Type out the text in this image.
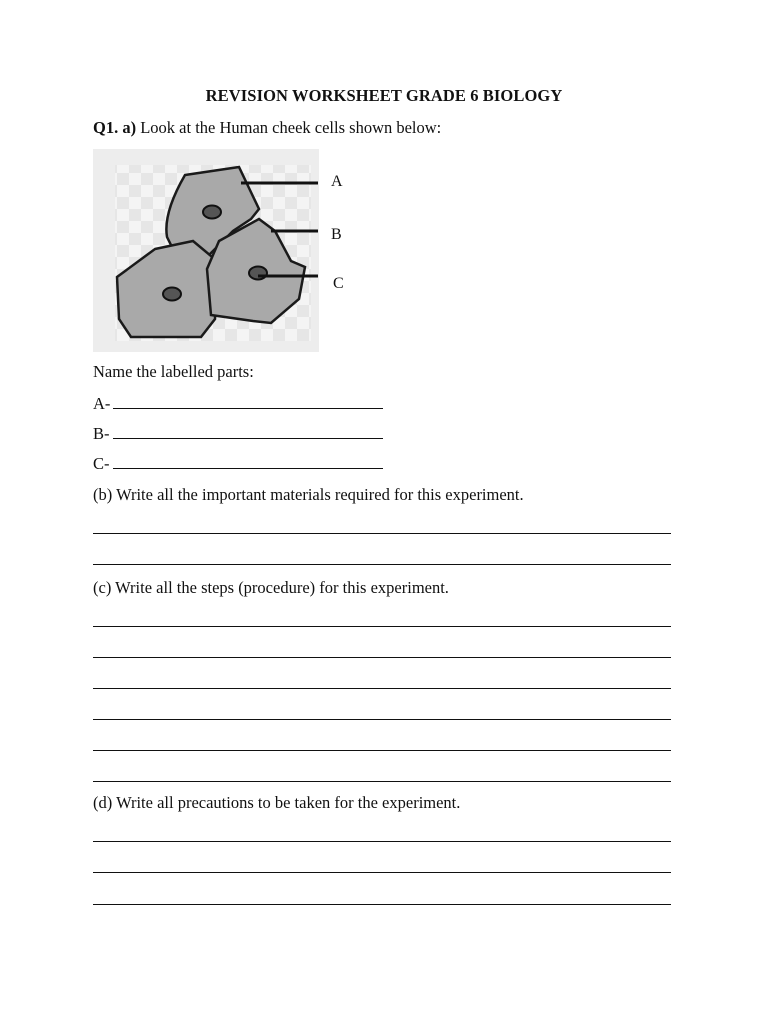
REVISION WORKSHEET GRADE 6 BIOLOGY
Q1. a) Look at the Human cheek cells shown below:
A
B
C
Name the labelled parts:
A-
B-
C-
(b) Write all the important materials required for this experiment.
(c) Write all the steps (procedure) for this experiment.
(d) Write all precautions to be taken for the experiment.
